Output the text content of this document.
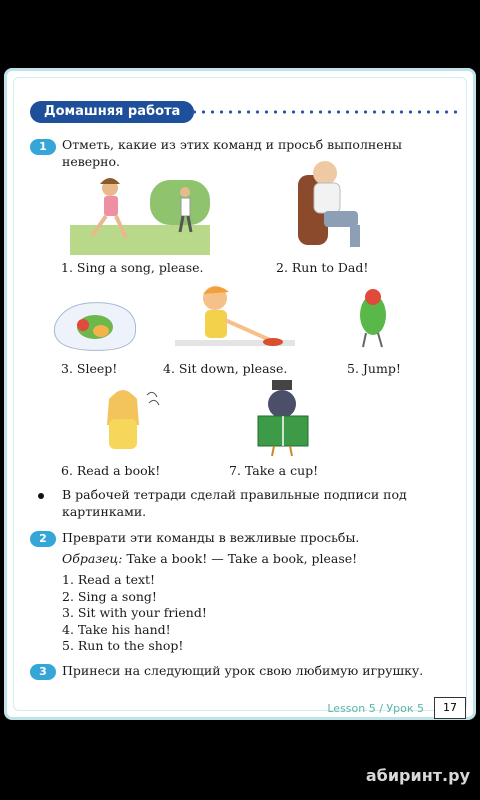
Домашняя работа
1	Отметь, какие из этих команд и просьб выполнены
неверно.
1. Sing a song, please.	2. Run to Dad!
3. Sleep!	4. Sit down, please.	5. Jump!
6. Read a book!	7. Take a cup!
В рабочей тетради сделай правильные подписи под
картинками.
2	Преврати эти команды в вежливые просьбы.
Образец: Take a book! — Take a book, please!
1. Read a text!
2. Sing a song!
3. Sit with your friend!
4. Take his hand!
5. Run to the shop!
3	Принеси на следующий урок свою любимую игрушку.
Lesson 5 / Урок 5	17
абиринт.ру
